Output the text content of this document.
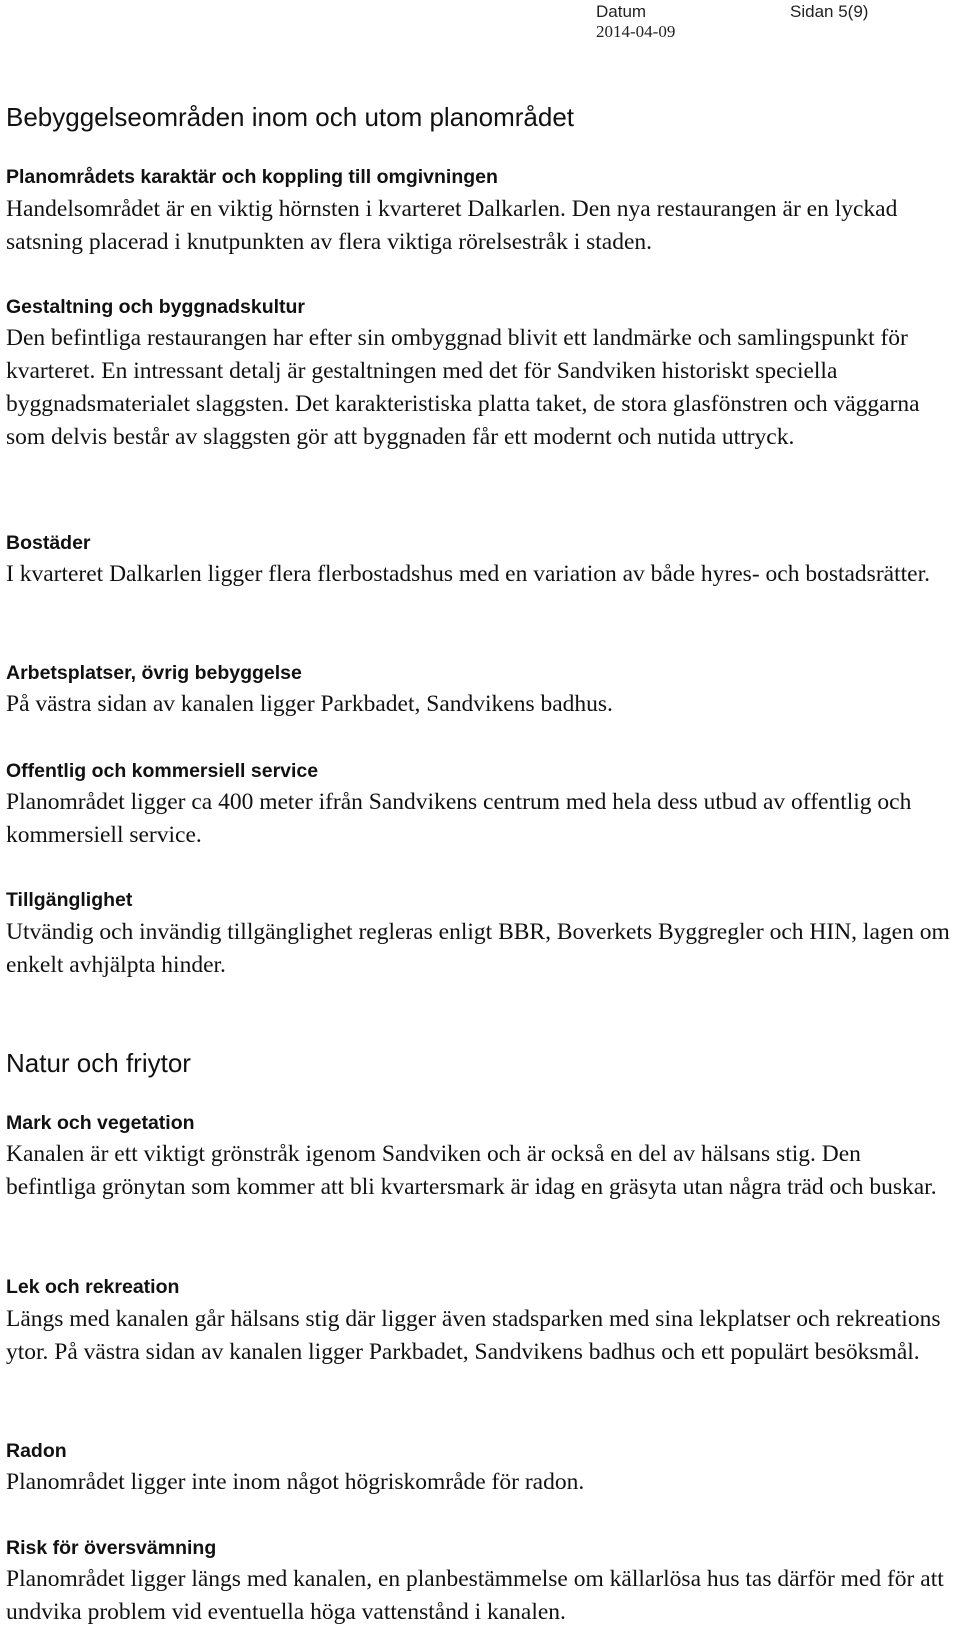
Datum
2014-04-09
Sidan 5(9)
Bebyggelseområden inom och utom planområdet
Planområdets karaktär och koppling till omgivningen

Handelsområdet är en viktig hörnsten i kvarteret Dalkarlen. Den nya restaurangen är en lyckad satsning placerad i knutpunkten av flera viktiga rörelsestråk i staden.

Gestaltning och byggnadskultur

Den befintliga restaurangen har efter sin ombyggnad blivit ett landmärke och samlingspunkt för kvarteret. En intressant detalj är gestaltningen med det för Sandviken historiskt speciella byggnadsmaterialet slaggsten. Det karakteristiska platta taket, de stora glasfönstren och väggarna som delvis består av slaggsten gör att byggnaden får ett modernt och nutida uttryck.

Bostäder

I kvarteret Dalkarlen ligger flera flerbostadshus med en variation av både hyres- och bostadsrätter.

Arbetsplatser, övrig bebyggelse

På västra sidan av kanalen ligger Parkbadet, Sandvikens badhus.

Offentlig och kommersiell service

Planområdet ligger ca 400 meter ifrån Sandvikens centrum med hela dess utbud av offentlig och kommersiell service.

Tillgänglighet

Utvändig och invändig tillgänglighet regleras enligt BBR, Boverkets Byggregler och HIN, lagen om enkelt avhjälpta hinder.

Natur och friytor
Mark och vegetation

Kanalen är ett viktigt grönstråk igenom Sandviken och är också en del av hälsans stig. Den befintliga grönytan som kommer att bli kvartersmark är idag en gräsyta utan några träd och buskar.

Lek och rekreation

Längs med kanalen går hälsans stig där ligger även stadsparken med sina lekplatser och rekreations ytor. På västra sidan av kanalen ligger Parkbadet, Sandvikens badhus och ett populärt besöksmål.

Radon

Planområdet ligger inte inom något högriskområde för radon.

Risk för översvämning

Planområdet ligger längs med kanalen, en planbestämmelse om källarlösa hus tas därför med för att undvika problem vid eventuella höga vattenstånd i kanalen.
